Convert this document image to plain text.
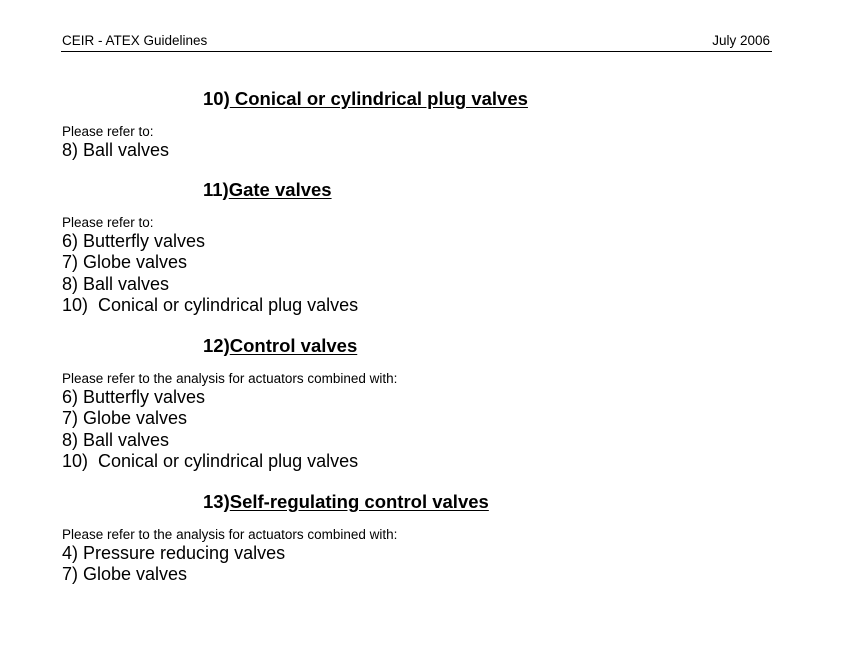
CEIR - ATEX Guidelines	July 2006
10) Conical or cylindrical plug valves
Please refer to:
8) Ball valves
11)Gate valves
Please refer to:
6) Butterfly valves
7) Globe valves
8) Ball valves
10)  Conical or cylindrical plug valves
12)Control valves
Please refer to the analysis for actuators combined with:
6) Butterfly valves
7) Globe valves
8) Ball valves
10)  Conical or cylindrical plug valves
13)Self-regulating control valves
Please refer to the analysis for actuators combined with:
4) Pressure reducing valves
7) Globe valves
